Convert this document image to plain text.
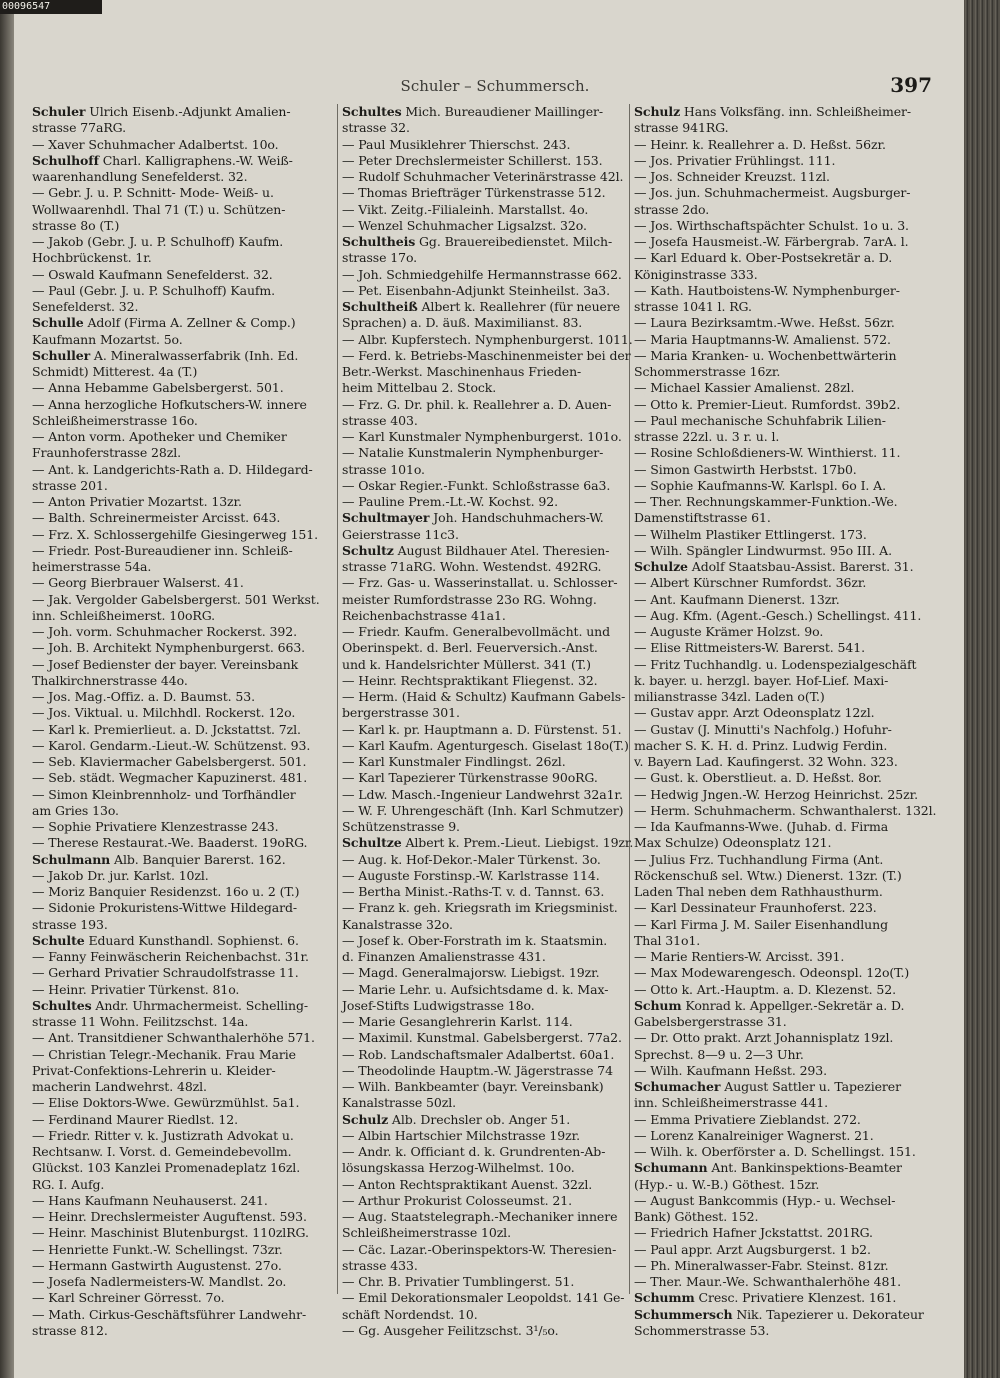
00096547
Schuler – Schummersch.	397
Schuler Ulrich Eisenb.-Adjunkt Amalien-
strasse 77aRG.
— Xaver Schuhmacher Adalbertst. 10o.
Schulhoff Charl. Kalligraphens.-W. Weiß-
waarenhandlung Senefelderst. 32.
— Gebr. J. u. P. Schnitt- Mode- Weiß- u.
Wollwaarenhdl. Thal 71 (T.) u. Schützen-
strasse 8o (T.)
— Jakob (Gebr. J. u. P. Schulhoff) Kaufm.
Hochbrückenst. 1r.
— Oswald Kaufmann Senefelderst. 32.
— Paul (Gebr. J. u. P. Schulhoff) Kaufm.
Senefelderst. 32.
Schulle Adolf (Firma A. Zellner & Comp.)
Kaufmann Mozartst. 5o.
Schuller A. Mineralwasserfabrik (Inh. Ed.
Schmidt) Mitterest. 4a (T.)
— Anna Hebamme Gabelsbergerst. 501.
— Anna herzogliche Hofkutschers-W. innere
Schleißheimerstrasse 16o.
— Anton vorm. Apotheker und Chemiker
Fraunhoferstrasse 28zl.
— Ant. k. Landgerichts-Rath a. D. Hildegard-
strasse 201.
— Anton Privatier Mozartst. 13zr.
— Balth. Schreinermeister Arcisst. 643.
— Frz. X. Schlossergehilfe Giesingerweg 151.
— Friedr. Post-Bureaudiener inn. Schleiß-
heimerstrasse 54a.
— Georg Bierbrauer Walserst. 41.
— Jak. Vergolder Gabelsbergerst. 501 Werkst.
inn. Schleißheimerst. 10oRG.
— Joh. vorm. Schuhmacher Rockerst. 392.
— Joh. B. Architekt Nymphenburgerst. 663.
— Josef Bedienster der bayer. Vereinsbank
Thalkirchnerstrasse 44o.
— Jos. Mag.-Offiz. a. D. Baumst. 53.
— Jos. Viktual. u. Milchhdl. Rockerst. 12o.
— Karl k. Premierlieut. a. D. Jckstattst. 7zl.
— Karol. Gendarm.-Lieut.-W. Schützenst. 93.
— Seb. Klaviermacher Gabelsbergerst. 501.
— Seb. städt. Wegmacher Kapuzinerst. 481.
— Simon Kleinbrennholz- und Torfhändler
am Gries 13o.
— Sophie Privatiere Klenzestrasse 243.
— Therese Restaurat.-We. Baaderst. 19oRG.
Schulmann Alb. Banquier Barerst. 162.
— Jakob Dr. jur. Karlst. 10zl.
— Moriz Banquier Residenzst. 16o u. 2 (T.)
— Sidonie Prokuristens-Wittwe Hildegard-
strasse 193.
Schulte Eduard Kunsthandl. Sophienst. 6.
— Fanny Feinwäscherin Reichenbachst. 31r.
— Gerhard Privatier Schraudolfstrasse 11.
— Heinr. Privatier Türkenst. 81o.
Schultes Andr. Uhrmachermeist. Schelling-
strasse 11 Wohn. Feilitzschst. 14a.
— Ant. Transitdiener Schwanthalerhöhe 571.
— Christian Telegr.-Mechanik. Frau Marie
Privat-Confektions-Lehrerin u. Kleider-
macherin Landwehrst. 48zl.
— Elise Doktors-Wwe. Gewürzmühlst. 5a1.
— Ferdinand Maurer Riedlst. 12.
— Friedr. Ritter v. k. Justizrath Advokat u.
Rechtsanw. I. Vorst. d. Gemeindebevollm.
Glückst. 103 Kanzlei Promenadeplatz 16zl.
RG. I. Aufg.
— Hans Kaufmann Neuhauserst. 241.
— Heinr. Drechslermeister Auguftenst. 593.
— Heinr. Maschinist Blutenburgst. 110zlRG.
— Henriette Funkt.-W. Schellingst. 73zr.
— Hermann Gastwirth Augustenst. 27o.
— Josefa Nadlermeisters-W. Mandlst. 2o.
— Karl Schreiner Görresst. 7o.
— Math. Cirkus-Geschäftsführer Landwehr-
strasse 812.
Schultes Mich. Bureaudiener Maillinger-
strasse 32.
— Paul Musiklehrer Thierschst. 243.
— Peter Drechslermeister Schillerst. 153.
— Rudolf Schuhmacher Veterinärstrasse 42l.
— Thomas Briefträger Türkenstrasse 512.
— Vikt. Zeitg.-Filialeinh. Marstallst. 4o.
— Wenzel Schuhmacher Ligsalzst. 32o.
Schultheis Gg. Brauereibedienstet. Milch-
strasse 17o.
— Joh. Schmiedgehilfe Hermannstrasse 662.
— Pet. Eisenbahn-Adjunkt Steinheilst. 3a3.
Schultheiß Albert k. Reallehrer (für neuere
Sprachen) a. D. äuß. Maximilianst. 83.
— Albr. Kupferstech. Nymphenburgerst. 1011.
— Ferd. k. Betriebs-Maschinenmeister bei der
Betr.-Werkst. Maschinenhaus Frieden-
heim Mittelbau 2. Stock.
— Frz. G. Dr. phil. k. Reallehrer a. D. Auen-
strasse 403.
— Karl Kunstmaler Nymphenburgerst. 101o.
— Natalie Kunstmalerin Nymphenburger-
strasse 101o.
— Oskar Regier.-Funkt. Schloßstrasse 6a3.
— Pauline Prem.-Lt.-W. Kochst. 92.
Schultmayer Joh. Handschuhmachers-W.
Geierstrasse 11c3.
Schultz August Bildhauer Atel. Theresien-
strasse 71aRG. Wohn. Westendst. 492RG.
— Frz. Gas- u. Wasserinstallat. u. Schlosser-
meister Rumfordstrasse 23o RG. Wohng.
Reichenbachstrasse 41a1.
— Friedr. Kaufm. Generalbevollmächt. und
Oberinspekt. d. Berl. Feuerversich.-Anst.
und k. Handelsrichter Müllerst. 341 (T.)
— Heinr. Rechtspraktikant Fliegenst. 32.
— Herm. (Haid & Schultz) Kaufmann Gabels-
bergerstrasse 301.
— Karl k. pr. Hauptmann a. D. Fürstenst. 51.
— Karl Kaufm. Agenturgesch. Giselast 18o(T.)
— Karl Kunstmaler Findlingst. 26zl.
— Karl Tapezierer Türkenstrasse 90oRG.
— Ldw. Masch.-Ingenieur Landwehrst 32a1r.
— W. F. Uhrengeschäft (Inh. Karl Schmutzer)
Schützenstrasse 9.
Schultze Albert k. Prem.-Lieut. Liebigst. 19zr.
— Aug. k. Hof-Dekor.-Maler Türkenst. 3o.
— Auguste Forstinsp.-W. Karlstrasse 114.
— Bertha Minist.-Raths-T. v. d. Tannst. 63.
— Franz k. geh. Kriegsrath im Kriegsminist.
Kanalstrasse 32o.
— Josef k. Ober-Forstrath im k. Staatsmin.
d. Finanzen Amalienstrasse 431.
— Magd. Generalmajorsw. Liebigst. 19zr.
— Marie Lehr. u. Aufsichtsdame d. k. Max-
Josef-Stifts Ludwigstrasse 18o.
— Marie Gesanglehrerin Karlst. 114.
— Maximil. Kunstmal. Gabelsbergerst. 77a2.
— Rob. Landschaftsmaler Adalbertst. 60a1.
— Theodolinde Hauptm.-W. Jägerstrasse 74
— Wilh. Bankbeamter (bayr. Vereinsbank)
Kanalstrasse 50zl.
Schulz Alb. Drechsler ob. Anger 51.
— Albin Hartschier Milchstrasse 19zr.
— Andr. k. Officiant d. k. Grundrenten-Ab-
lösungskassa Herzog-Wilhelmst. 10o.
— Anton Rechtspraktikant Auenst. 32zl.
— Arthur Prokurist Colosseumst. 21.
— Aug. Staatstelegraph.-Mechaniker innere
Schleißheimerstrasse 10zl.
— Cäc. Lazar.-Oberinspektors-W. Theresien-
strasse 433.
— Chr. B. Privatier Tumblingerst. 51.
— Emil Dekorationsmaler Leopoldst. 141 Ge-
schäft Nordendst. 10.
— Gg. Ausgeher Feilitzschst. 3¹/₅o.
Schulz Hans Volksfäng. inn. Schleißheimer-
strasse 941RG.
— Heinr. k. Reallehrer a. D. Heßst. 56zr.
— Jos. Privatier Frühlingst. 111.
— Jos. Schneider Kreuzst. 11zl.
— Jos. jun. Schuhmachermeist. Augsburger-
strasse 2do.
— Jos. Wirthschaftspächter Schulst. 1o u. 3.
— Josefa Hausmeist.-W. Färbergrab. 7arA. l.
— Karl Eduard k. Ober-Postsekretär a. D.
Königinstrasse 333.
— Kath. Hautboistens-W. Nymphenburger-
strasse 1041 l. RG.
— Laura Bezirksamtm.-Wwe. Heßst. 56zr.
— Maria Hauptmanns-W. Amalienst. 572.
— Maria Kranken- u. Wochenbettwärterin
Schommerstrasse 16zr.
— Michael Kassier Amalienst. 28zl.
— Otto k. Premier-Lieut. Rumfordst. 39b2.
— Paul mechanische Schuhfabrik Lilien-
strasse 22zl. u. 3 r. u. l.
— Rosine Schloßdieners-W. Winthierst. 11.
— Simon Gastwirth Herbstst. 17b0.
— Sophie Kaufmanns-W. Karlspl. 6o I. A.
— Ther. Rechnungskammer-Funktion.-We.
Damenstiftstrasse 61.
— Wilhelm Plastiker Ettlingerst. 173.
— Wilh. Spängler Lindwurmst. 95o III. A.
Schulze Adolf Staatsbau-Assist. Barerst. 31.
— Albert Kürschner Rumfordst. 36zr.
— Ant. Kaufmann Dienerst. 13zr.
— Aug. Kfm. (Agent.-Gesch.) Schellingst. 411.
— Auguste Krämer Holzst. 9o.
— Elise Rittmeisters-W. Barerst. 541.
— Fritz Tuchhandlg. u. Lodenspezialgeschäft
k. bayer. u. herzgl. bayer. Hof-Lief. Maxi-
milianstrasse 34zl. Laden o(T.)
— Gustav appr. Arzt Odeonsplatz 12zl.
— Gustav (J. Minutti's Nachfolg.) Hofuhr-
macher S. K. H. d. Prinz. Ludwig Ferdin.
v. Bayern Lad. Kaufingerst. 32 Wohn. 323.
— Gust. k. Oberstlieut. a. D. Heßst. 8or.
— Hedwig Jngen.-W. Herzog Heinrichst. 25zr.
— Herm. Schuhmacherm. Schwanthalerst. 132l.
— Ida Kaufmanns-Wwe. (Juhab. d. Firma
Max Schulze) Odeonsplatz 121.
— Julius Frz. Tuchhandlung Firma (Ant.
Röckenschuß sel. Wtw.) Dienerst. 13zr. (T.)
Laden Thal neben dem Rathhausthurm.
— Karl Dessinateur Fraunhoferst. 223.
— Karl Firma J. M. Sailer Eisenhandlung
Thal 31o1.
— Marie Rentiers-W. Arcisst. 391.
— Max Modewarengesch. Odeonspl. 12o(T.)
— Otto k. Art.-Hauptm. a. D. Klezenst. 52.
Schum Konrad k. Appellger.-Sekretär a. D.
Gabelsbergerstrasse 31.
— Dr. Otto prakt. Arzt Johannisplatz 19zl.
Sprechst. 8—9 u. 2—3 Uhr.
— Wilh. Kaufmann Heßst. 293.
Schumacher August Sattler u. Tapezierer
inn. Schleißheimerstrasse 441.
— Emma Privatiere Zieblandst. 272.
— Lorenz Kanalreiniger Wagnerst. 21.
— Wilh. k. Oberförster a. D. Schellingst. 151.
Schumann Ant. Bankinspektions-Beamter
(Hyp.- u. W.-B.) Göthest. 15zr.
— August Bankcommis (Hyp.- u. Wechsel-
Bank) Göthest. 152.
— Friedrich Hafner Jckstattst. 201RG.
— Paul appr. Arzt Augsburgerst. 1 b2.
— Ph. Mineralwasser-Fabr. Steinst. 81zr.
— Ther. Maur.-We. Schwanthalerhöhe 481.
Schumm Cresc. Privatiere Klenzest. 161.
Schummersch Nik. Tapezierer u. Dekorateur
Schommerstrasse 53.
